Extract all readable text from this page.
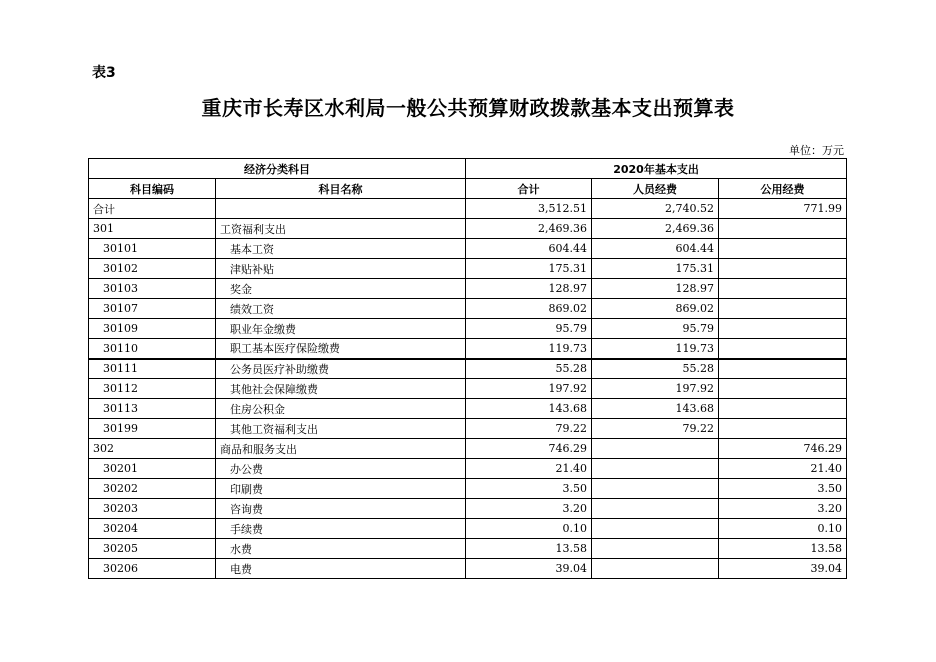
表3
重庆市长寿区水利局一般公共预算财政拨款基本支出预算表
单位：万元
经济分类科目		2020年基本支出		
科目编码	科目名称	合计	人员经费	公用经费
合计		3,512.51	2,740.52	771.99
301	工资福利支出	2,469.36	2,469.36	
30101	基本工资	604.44	604.44	
30102	津贴补贴	175.31	175.31	
30103	奖金	128.97	128.97	
30107	绩效工资	869.02	869.02	
30109	职业年金缴费	95.79	95.79	
30110	职工基本医疗保险缴费	119.73	119.73	
30111	公务员医疗补助缴费	55.28	55.28	
30112	其他社会保障缴费	197.92	197.92	
30113	住房公积金	143.68	143.68	
30199	其他工资福利支出	79.22	79.22	
302	商品和服务支出	746.29		746.29
30201	办公费	21.40		21.40
30202	印刷费	3.50		3.50
30203	咨询费	3.20		3.20
30204	手续费	0.10		0.10
30205	水费	13.58		13.58
30206	电费	39.04		39.04
